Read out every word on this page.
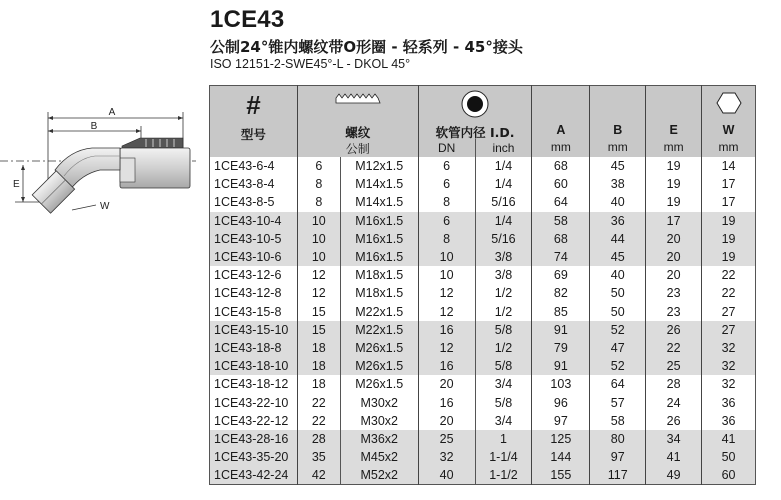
1CE43
公制24°锥内螺纹带O形圈 - 轻系列 - 45°接头
ISO 12151-2-SWE45°-L - DKOL 45°
A
B
E
W
#
型号	螺纹
公制

软管内径 I.D.
DN	inch

A
mm

B
mm

E
mm

W
mm

1CE43-6-4	6	M12x1.5	6	1/4	68	45	19	14
1CE43-8-4	8	M14x1.5	6	1/4	60	38	19	17
1CE43-8-5	8	M14x1.5	8	5/16	64	40	19	17
1CE43-10-4	10	M16x1.5	6	1/4	58	36	17	19
1CE43-10-5	10	M16x1.5	8	5/16	68	44	20	19
1CE43-10-6	10	M16x1.5	10	3/8	74	45	20	19
1CE43-12-6	12	M18x1.5	10	3/8	69	40	20	22
1CE43-12-8	12	M18x1.5	12	1/2	82	50	23	22
1CE43-15-8	15	M22x1.5	12	1/2	85	50	23	27
1CE43-15-10	15	M22x1.5	16	5/8	91	52	26	27
1CE43-18-8	18	M26x1.5	12	1/2	79	47	22	32
1CE43-18-10	18	M26x1.5	16	5/8	91	52	25	32
1CE43-18-12	18	M26x1.5	20	3/4	103	64	28	32
1CE43-22-10	22	M30x2	16	5/8	96	57	24	36
1CE43-22-12	22	M30x2	20	3/4	97	58	26	36
1CE43-28-16	28	M36x2	25	1	125	80	34	41
1CE43-35-20	35	M45x2	32	1-1/4	144	97	41	50
1CE43-42-24	42	M52x2	40	1-1/2	155	117	49	60
